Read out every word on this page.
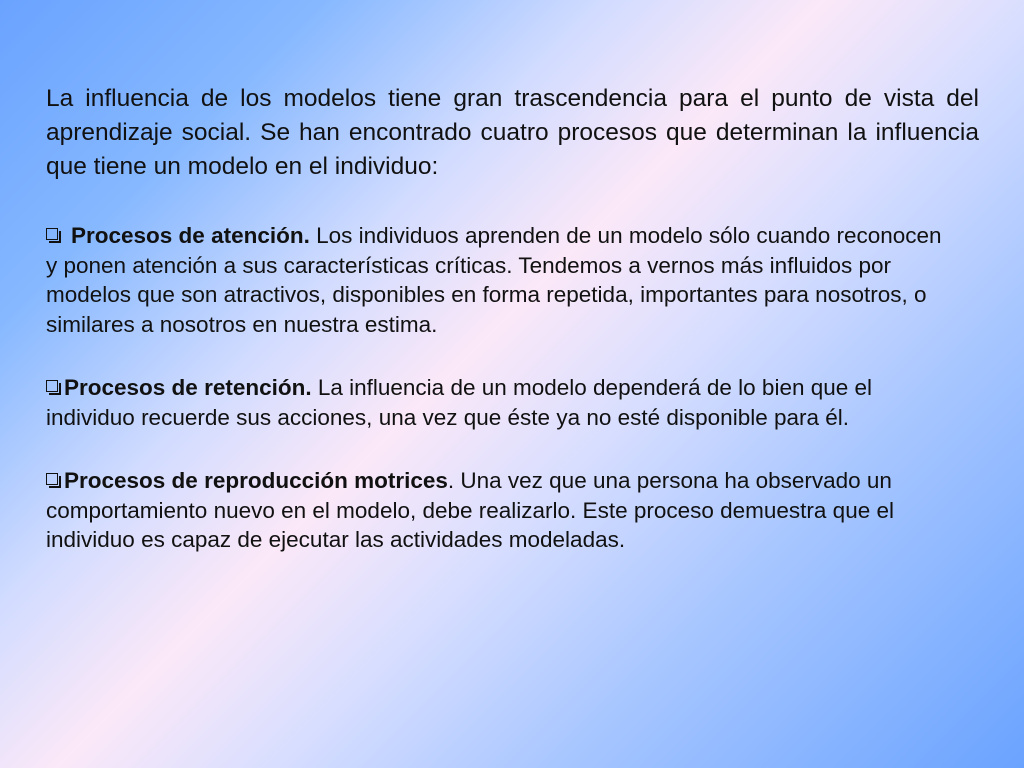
La influencia de los modelos tiene gran trascendencia para el punto de vista del aprendizaje social. Se han encontrado cuatro procesos que determinan la influencia que tiene un modelo en el individuo:

Procesos de atención. Los individuos aprenden de un modelo sólo cuando reconocen y ponen atención a sus características críticas. Tendemos a vernos más influidos por modelos que son atractivos, disponibles en forma repetida, importantes para nosotros, o similares a nosotros en nuestra estima.

Procesos de retención. La influencia de un modelo dependerá de lo bien que el individuo recuerde sus acciones, una vez que éste ya no esté disponible para él.

Procesos de reproducción motrices. Una vez que una persona ha observado un comportamiento nuevo en el modelo, debe realizarlo. Este proceso demuestra que el individuo es capaz de ejecutar las actividades modeladas.
